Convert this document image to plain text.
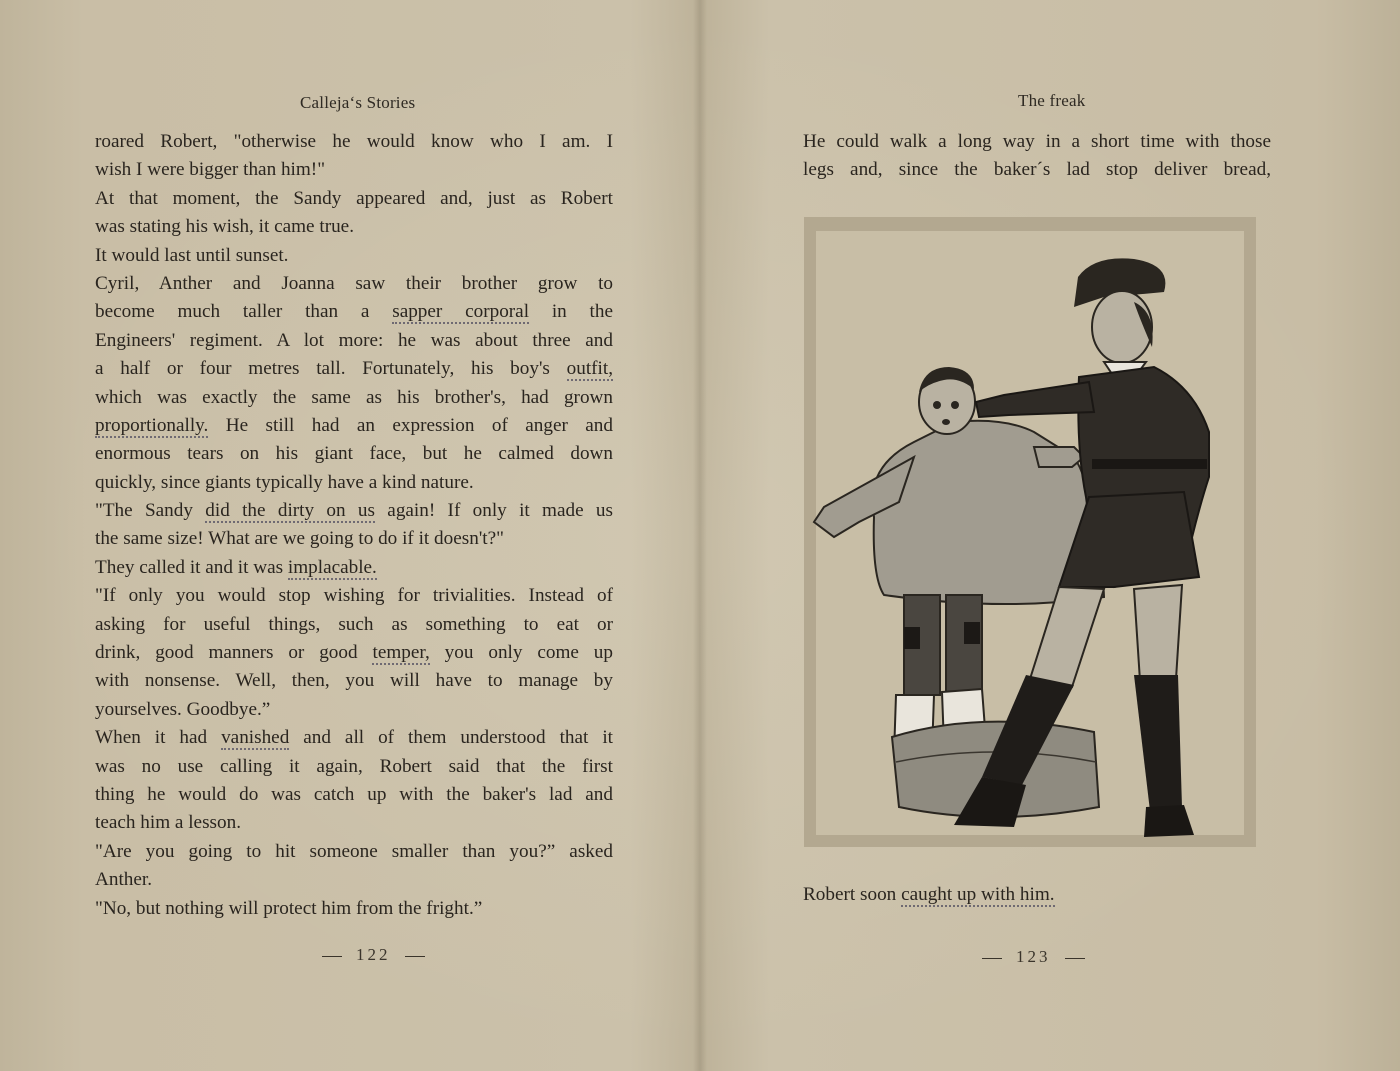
Calleja‘s Stories
roared Robert, "otherwise he would know who I am. I
wish I were bigger than him!"
At that moment, the Sandy appeared and, just as Robert
was stating his wish, it came true.
It would last until sunset.
Cyril, Anther and Joanna saw their brother grow to
become much taller than a sapper corporal in the
Engineers' regiment. A lot more: he was about three and
a half or four metres tall. Fortunately, his boy's outfit,
which was exactly the same as his brother's, had grown
proportionally. He still had an expression of anger and
enormous tears on his giant face, but he calmed down
quickly, since giants typically have a kind nature.
"The Sandy did the dirty on us again! If only it made us
the same size! What are we going to do if it doesn't?"
They called it and it was implacable.
"If only you would stop wishing for trivialities. Instead of
asking for useful things, such as something to eat or
drink, good manners or good temper, you only come up
with nonsense. Well, then, you will have to manage by
yourselves. Goodbye.”
When it had vanished and all of them understood that it
was no use calling it again, Robert said that the first
thing he would do was catch up with the baker's lad and
teach him a lesson.
"Are you going to hit someone smaller than you?” asked
Anther.
"No, but nothing will protect him from the fright.”
122
The freak
He could walk a long way in a short time with those
legs and, since the baker´s lad stop deliver bread,
Robert soon caught up with him.
123
